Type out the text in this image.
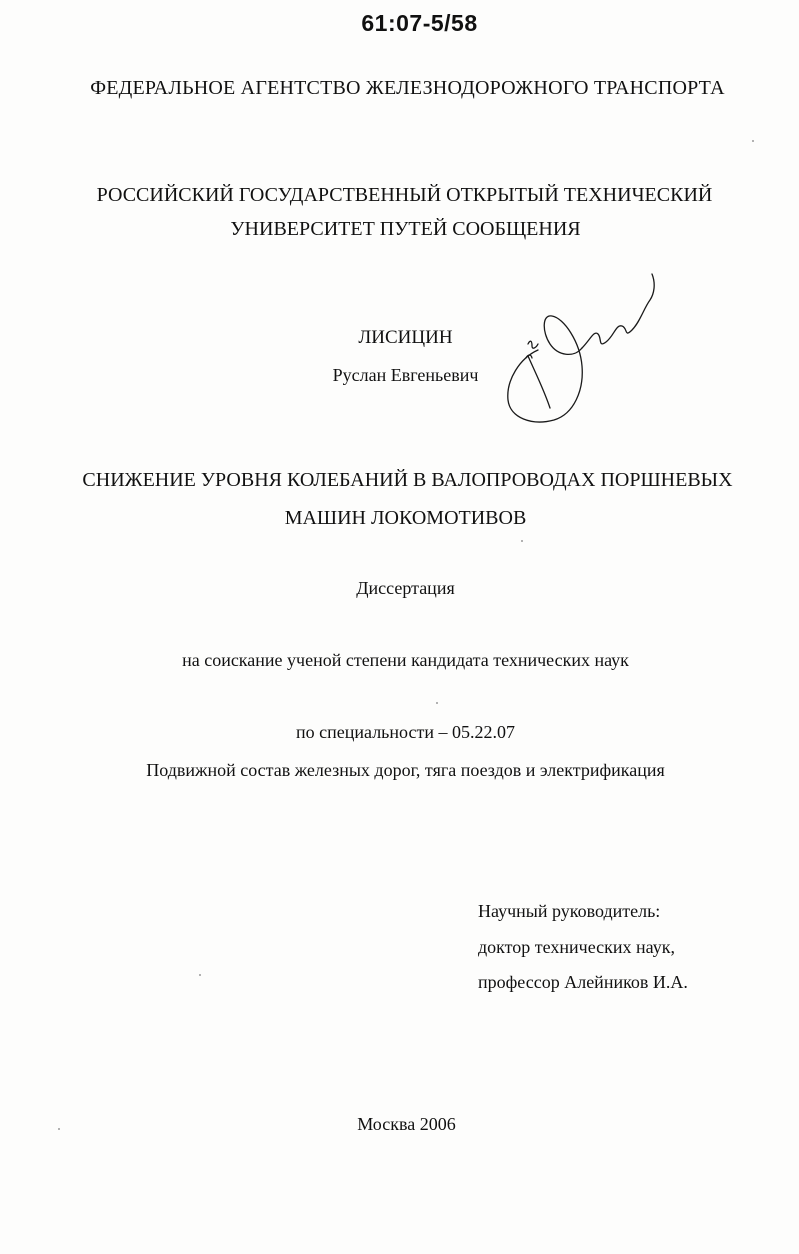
61:07-5/58
ФЕДЕРАЛЬНОЕ АГЕНТСТВО ЖЕЛЕЗНОДОРОЖНОГО ТРАНСПОРТА
РОССИЙСКИЙ ГОСУДАРСТВЕННЫЙ ОТКРЫТЫЙ ТЕХНИЧЕСКИЙ
УНИВЕРСИТЕТ ПУТЕЙ СООБЩЕНИЯ
ЛИСИЦИН
Руслан Евгеньевич
СНИЖЕНИЕ УРОВНЯ КОЛЕБАНИЙ В ВАЛОПРОВОДАХ ПОРШНЕВЫХ
МАШИН ЛОКОМОТИВОВ
Диссертация
на соискание ученой степени кандидата технических наук
по специальности – 05.22.07
Подвижной состав железных дорог, тяга поездов и электрификация
Научный руководитель:
доктор технических наук,
профессор Алейников И.А.
Москва 2006
